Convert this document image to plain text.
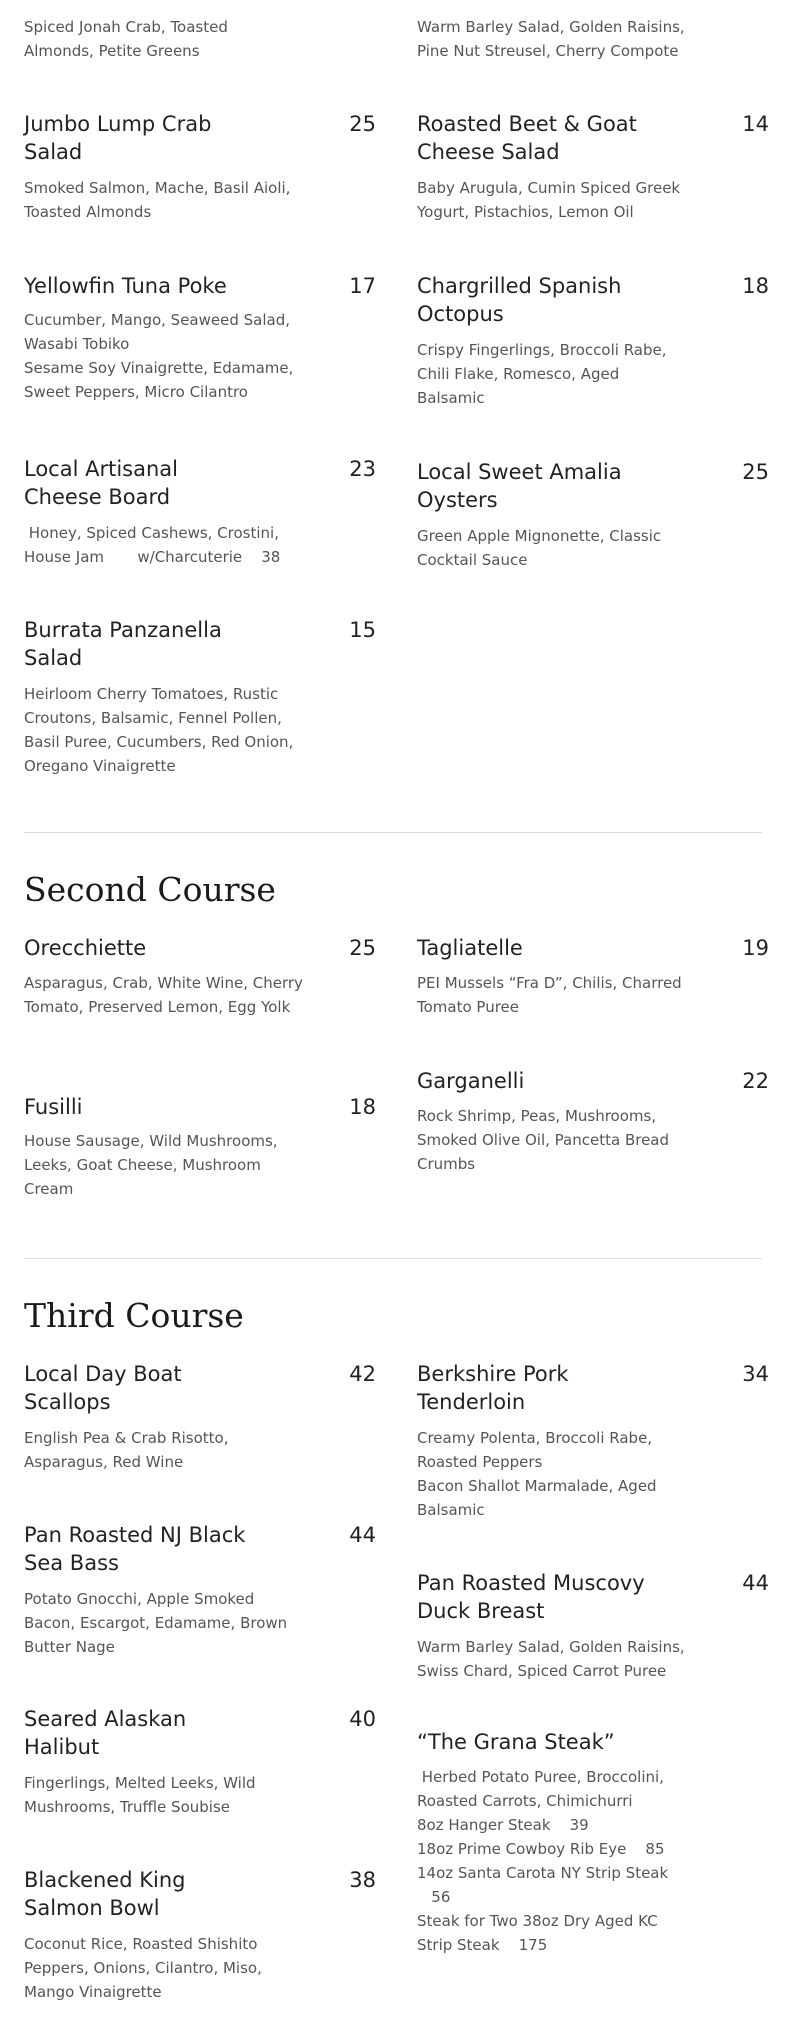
Spiced Jonah Crab, Toasted
Almonds, Petite Greens
Warm Barley Salad, Golden Raisins,
Pine Nut Streusel, Cherry Compote
Jumbo Lump Crab
Salad
25
Smoked Salmon, Mache, Basil Aioli,
Toasted Almonds
Roasted Beet & Goat
Cheese Salad
14
Baby Arugula, Cumin Spiced Greek
Yogurt, Pistachios, Lemon Oil
Yellowfin Tuna Poke	17
Cucumber, Mango, Seaweed Salad,
Wasabi Tobiko
Sesame Soy Vinaigrette, Edamame,
Sweet Peppers, Micro Cilantro
Chargrilled Spanish
Octopus
18
Crispy Fingerlings, Broccoli Rabe,
Chili Flake, Romesco, Aged
Balsamic
Local Artisanal
Cheese Board
23
Honey, Spiced Cashews, Crostini,
House Jam       w/Charcuterie    38
Local Sweet Amalia
Oysters
25
Green Apple Mignonette, Classic
Cocktail Sauce
Burrata Panzanella
Salad
15
Heirloom Cherry Tomatoes, Rustic
Croutons, Balsamic, Fennel Pollen,
Basil Puree, Cucumbers, Red Onion,
Oregano Vinaigrette
Second Course
Orecchiette	25
Asparagus, Crab, White Wine, Cherry
Tomato, Preserved Lemon, Egg Yolk
Tagliatelle	19
PEI Mussels “Fra D”, Chilis, Charred
Tomato Puree
Fusilli	18
House Sausage, Wild Mushrooms,
Leeks, Goat Cheese, Mushroom
Cream
Garganelli	22
Rock Shrimp, Peas, Mushrooms,
Smoked Olive Oil, Pancetta Bread
Crumbs
Third Course
Local Day Boat
Scallops
42
English Pea & Crab Risotto,
Asparagus, Red Wine
Berkshire Pork
Tenderloin
34
Creamy Polenta, Broccoli Rabe,
Roasted Peppers
Bacon Shallot Marmalade, Aged
Balsamic
Pan Roasted NJ Black
Sea Bass
44
Potato Gnocchi, Apple Smoked
Bacon, Escargot, Edamame, Brown
Butter Nage
Pan Roasted Muscovy
Duck Breast
44
Warm Barley Salad, Golden Raisins,
Swiss Chard, Spiced Carrot Puree
Seared Alaskan
Halibut
40
Fingerlings, Melted Leeks, Wild
Mushrooms, Truffle Soubise
“The Grana Steak”
Herbed Potato Puree, Broccolini,
Roasted Carrots, Chimichurri
8oz Hanger Steak    39
18oz Prime Cowboy Rib Eye    85
14oz Santa Carota NY Strip Steak
56
Steak for Two 38oz Dry Aged KC
Strip Steak    175
Blackened King
Salmon Bowl
38
Coconut Rice, Roasted Shishito
Peppers, Onions, Cilantro, Miso,
Mango Vinaigrette
